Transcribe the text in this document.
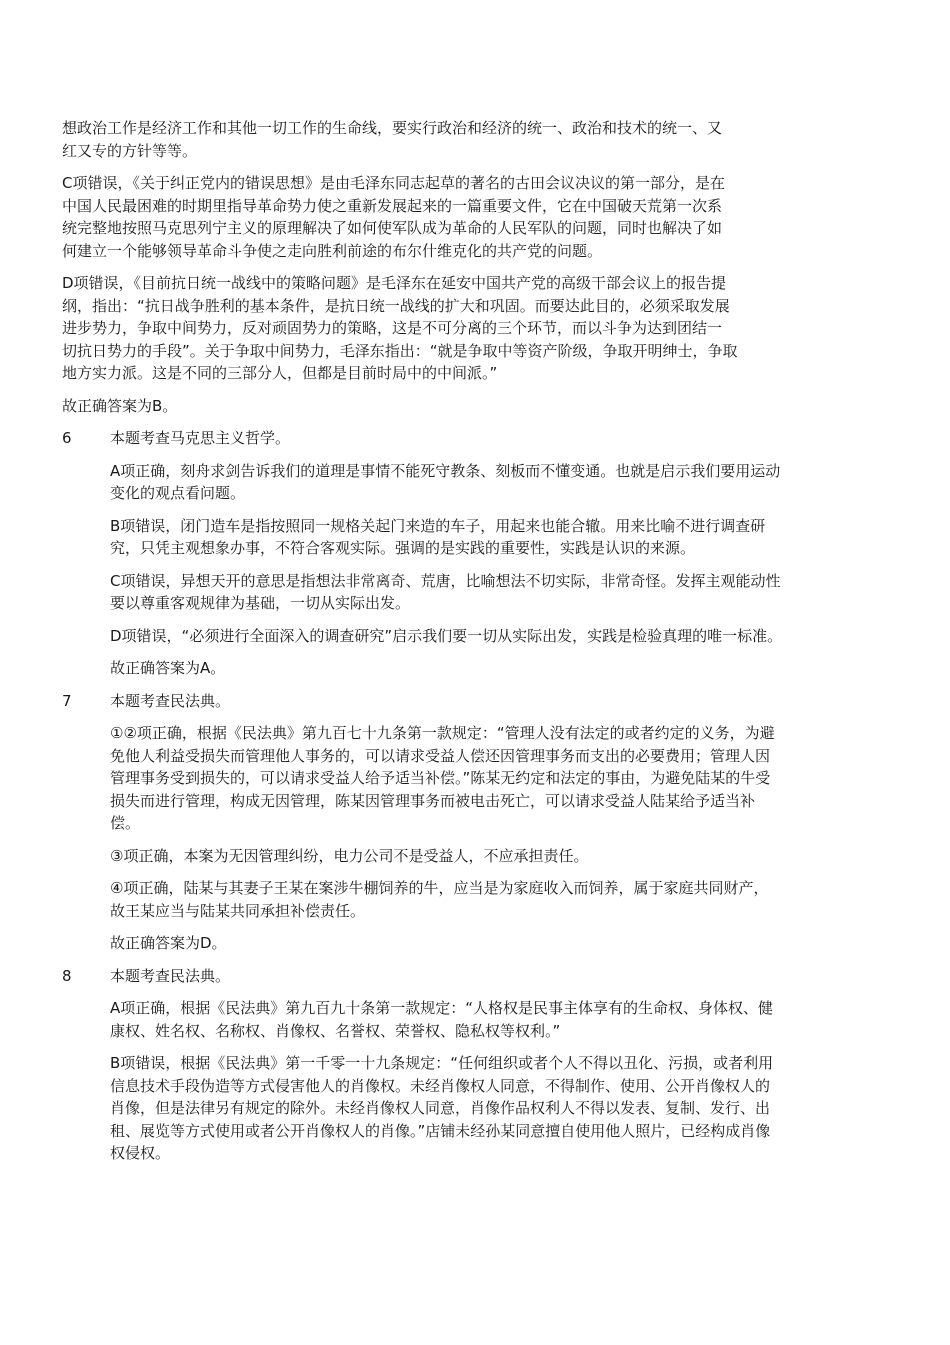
想政治工作是经济工作和其他一切工作的生命线，要实行政治和经济的统一、政治和技术的统一、又
红又专的方针等等。

C项错误，《关于纠正党内的错误思想》是由毛泽东同志起草的著名的古田会议决议的第一部分，是在
中国人民最困难的时期里指导革命势力使之重新发展起来的一篇重要文件，它在中国破天荒第一次系
统完整地按照马克思列宁主义的原理解决了如何使军队成为革命的人民军队的问题，同时也解决了如
何建立一个能够领导革命斗争使之走向胜利前途的布尔什维克化的共产党的问题。

D项错误，《目前抗日统一战线中的策略问题》是毛泽东在延安中国共产党的高级干部会议上的报告提
纲，指出：“抗日战争胜利的基本条件，是抗日统一战线的扩大和巩固。而要达此目的，必须采取发展
进步势力，争取中间势力，反对顽固势力的策略，这是不可分离的三个环节，而以斗争为达到团结一
切抗日势力的手段”。关于争取中间势力，毛泽东指出：“就是争取中等资产阶级，争取开明绅士，争取
地方实力派。这是不同的三部分人，但都是目前时局中的中间派。”

故正确答案为B。

6	本题考查马克思主义哲学。

A项正确，刻舟求剑告诉我们的道理是事情不能死守教条、刻板而不懂变通。也就是启示我们要用运动
变化的观点看问题。

B项错误，闭门造车是指按照同一规格关起门来造的车子，用起来也能合辙。用来比喻不进行调查研
究，只凭主观想象办事，不符合客观实际。强调的是实践的重要性，实践是认识的来源。

C项错误，异想天开的意思是指想法非常离奇、荒唐，比喻想法不切实际，非常奇怪。发挥主观能动性
要以尊重客观规律为基础，一切从实际出发。

D项错误，“必须进行全面深入的调查研究”启示我们要一切从实际出发，实践是检验真理的唯一标准。

故正确答案为A。

7	本题考查民法典。

①②项正确，根据《民法典》第九百七十九条第一款规定：“管理人没有法定的或者约定的义务，为避
免他人利益受损失而管理他人事务的，可以请求受益人偿还因管理事务而支出的必要费用；管理人因
管理事务受到损失的，可以请求受益人给予适当补偿。”陈某无约定和法定的事由，为避免陆某的牛受
损失而进行管理，构成无因管理，陈某因管理事务而被电击死亡，可以请求受益人陆某给予适当补
偿。

③项正确，本案为无因管理纠纷，电力公司不是受益人，不应承担责任。

④项正确，陆某与其妻子王某在案涉牛棚饲养的牛，应当是为家庭收入而饲养，属于家庭共同财产，
故王某应当与陆某共同承担补偿责任。

故正确答案为D。

8	本题考查民法典。

A项正确，根据《民法典》第九百九十条第一款规定：“人格权是民事主体享有的生命权、身体权、健
康权、姓名权、名称权、肖像权、名誉权、荣誉权、隐私权等权利。”

B项错误，根据《民法典》第一千零一十九条规定：“任何组织或者个人不得以丑化、污损，或者利用
信息技术手段伪造等方式侵害他人的肖像权。未经肖像权人同意，不得制作、使用、公开肖像权人的
肖像，但是法律另有规定的除外。未经肖像权人同意，肖像作品权利人不得以发表、复制、发行、出
租、展览等方式使用或者公开肖像权人的肖像。”店铺未经孙某同意擅自使用他人照片，已经构成肖像
权侵权。
